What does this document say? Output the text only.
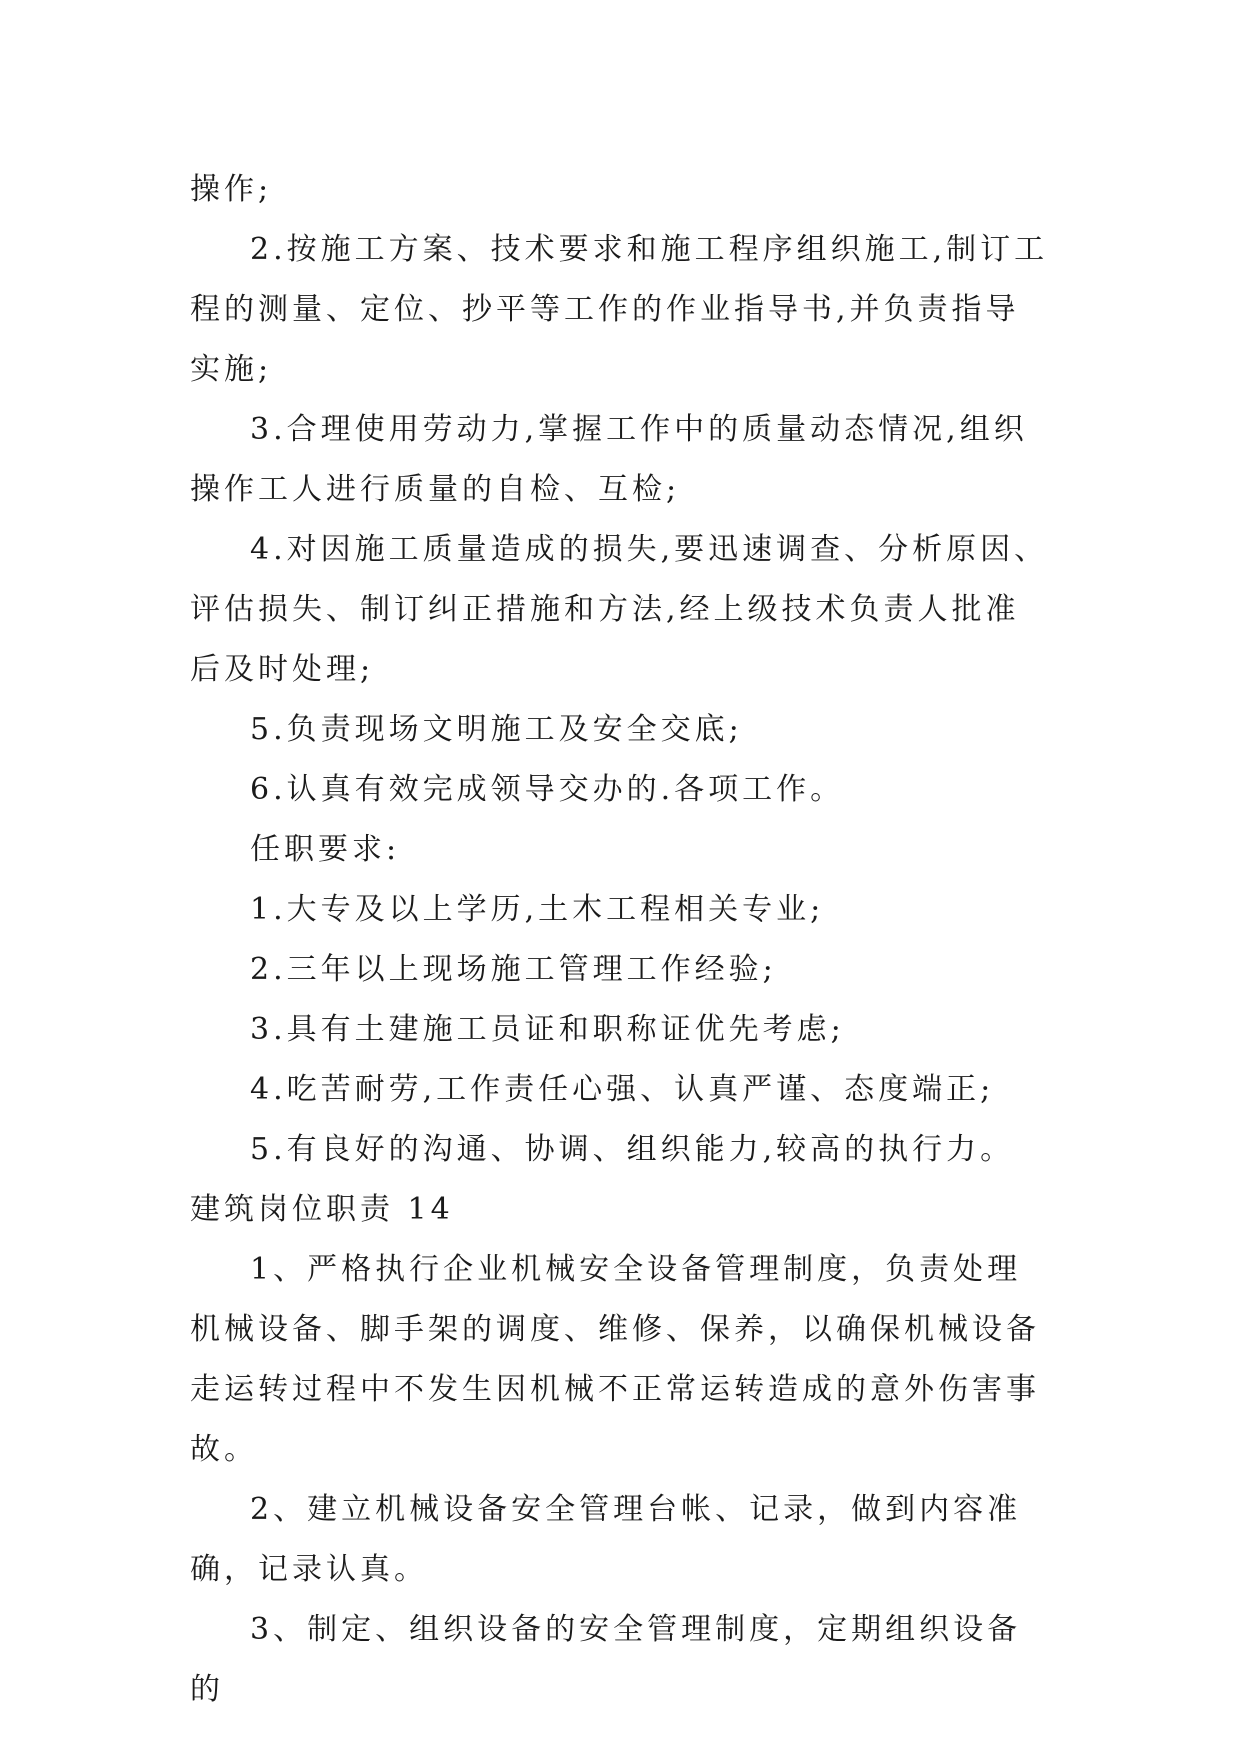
操作;

2.按施工方案、技术要求和施工程序组织施工,制订工程的测量、定位、抄平等工作的作业指导书,并负责指导实施;

3.合理使用劳动力,掌握工作中的质量动态情况,组织操作工人进行质量的自检、互检;

4.对因施工质量造成的损失,要迅速调查、分析原因、评估损失、制订纠正措施和方法,经上级技术负责人批准后及时处理;

5.负责现场文明施工及安全交底;

6.认真有效完成领导交办的.各项工作。

任职要求:

1.大专及以上学历,土木工程相关专业;

2.三年以上现场施工管理工作经验;

3.具有土建施工员证和职称证优先考虑;

4.吃苦耐劳,工作责任心强、认真严谨、态度端正;

5.有良好的沟通、协调、组织能力,较高的执行力。

建筑岗位职责 14

1、严格执行企业机械安全设备管理制度，负责处理机械设备、脚手架的调度、维修、保养，以确保机械设备走运转过程中不发生因机械不正常运转造成的意外伤害事故。

2、建立机械设备安全管理台帐、记录，做到内容准确，记录认真。

3、制定、组织设备的安全管理制度，定期组织设备的
